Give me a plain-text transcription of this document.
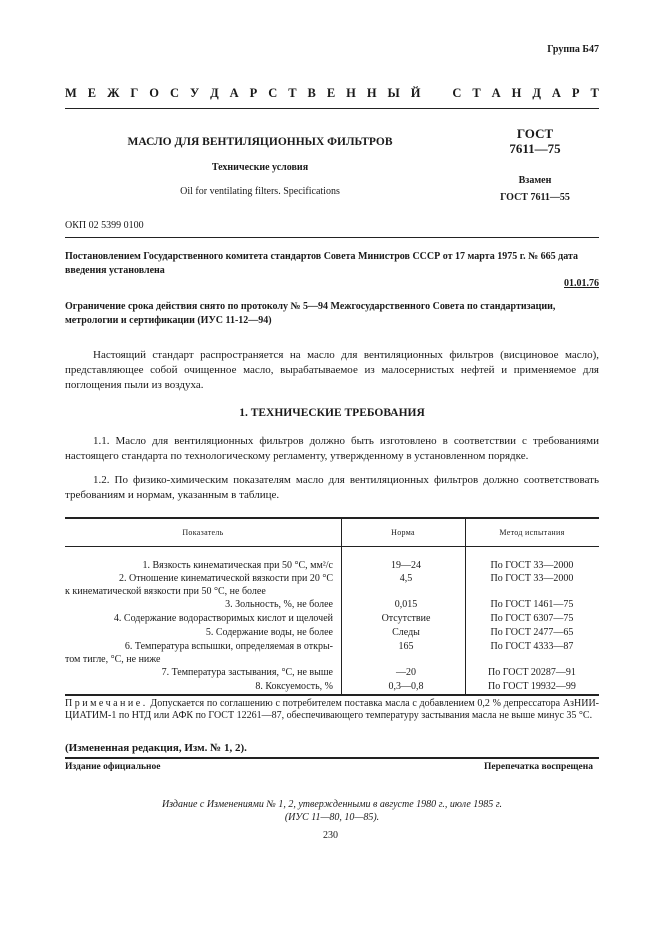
Группа Б47
М Е Ж Г О С У Д А Р С Т В Е Н Н Ы Й	С Т А Н Д А Р Т
МАСЛО ДЛЯ ВЕНТИЛЯЦИОННЫХ ФИЛЬТРОВ
Технические условия
Oil for ventilating filters. Specifications
ГОСТ
7611—75
Взамен
ГОСТ 7611—55
ОКП 02 5399 0100
Постановлением Государственного комитета стандартов Совета Министров СССР от 17 марта 1975 г. № 665 дата введения установлена
01.01.76
Ограничение срока действия снято по протоколу № 5—94 Межгосударственного Совета по стандартизации, метрологии и сертификации (ИУС 11-12—94)
Настоящий стандарт распространяется на масло для вентиляционных фильтров (висциновое масло), представляющее собой очищенное масло, вырабатываемое из малосернистых нефтей и применяемое для поглощения пыли из воздуха.
1. ТЕХНИЧЕСКИЕ ТРЕБОВАНИЯ
1.1. Масло для вентиляционных фильтров должно быть изготовлено в соответствии с требованиями настоящего стандарта по технологическому регламенту, утвержденному в установленном порядке.
1.2. По физико-химическим показателям масло для вентиляционных фильтров должно соответствовать требованиям и нормам, указанным в таблице.
Показатель	Норма	Метод испытания
1. Вязкость кинематическая при 50 °С, мм²/с	19—24	По ГОСТ 33—2000
2. Отношение кинематической вязкости при 20 °С
к кинематической вязкости при 50 °С, не более
4,5	По ГОСТ 33—2000
3. Зольность, %, не более	0,015	По ГОСТ 1461—75
4. Содержание водорастворимых кислот и щелочей	Отсутствие	По ГОСТ 6307—75
5. Содержание воды, не более	Следы	По ГОСТ 2477—65
6. Температура вспышки, определяемая в откры-
том тигле, °С, не ниже
165	По ГОСТ 4333—87
7. Температура застывания, °С, не выше	—20	По ГОСТ 20287—91
8. Коксуемость, %	0,3—0,8	По ГОСТ 19932—99
Примечание. Допускается по соглашению с потребителем поставка масла с добавлением 0,2 % депрессатора АзНИИ-ЦИАТИМ-1 по НТД или АФК по ГОСТ 12261—87, обеспечивающего температуру застывания масла не выше минус 35 °С.
(Измененная редакция, Изм. № 1, 2).
Издание официальное	Перепечатка воспрещена
Издание с Изменениями № 1, 2, утвержденными в августе 1980 г., июле 1985 г.
(ИУС 11—80, 10—85).
230
